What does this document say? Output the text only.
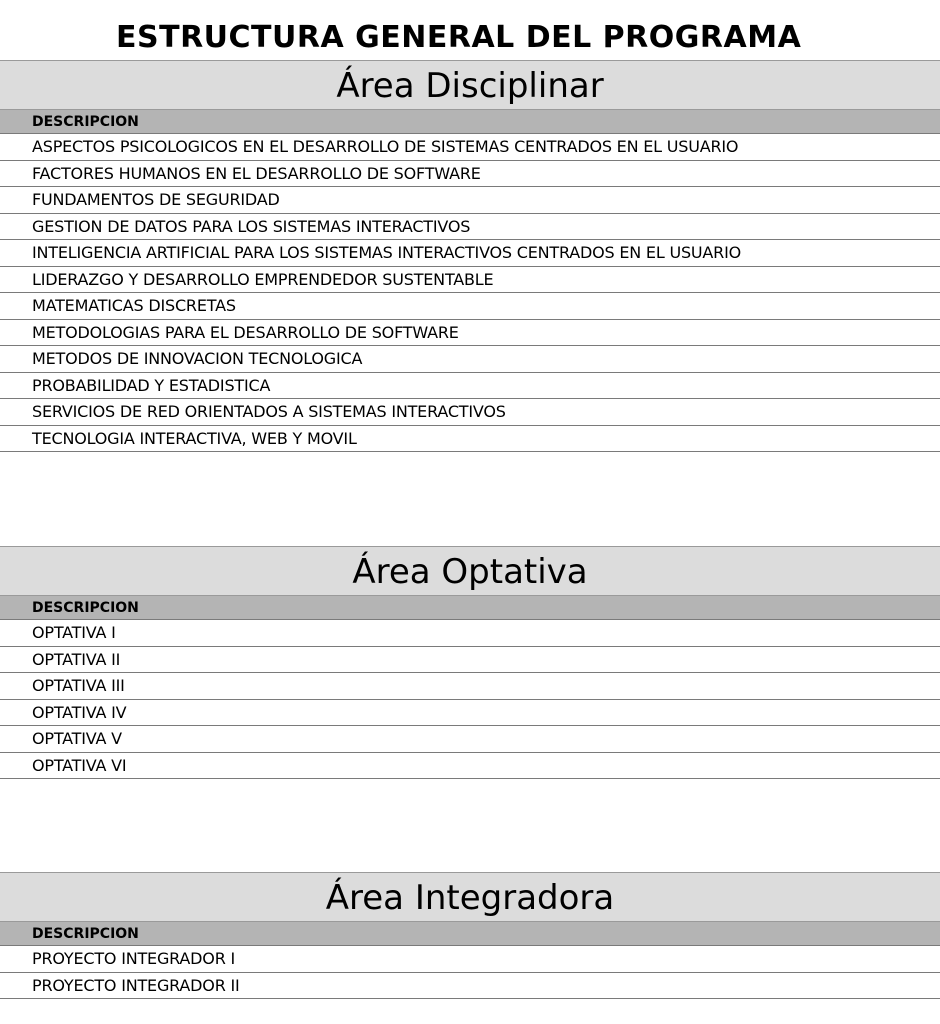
ESTRUCTURA GENERAL DEL PROGRAMA
Área Disciplinar
DESCRIPCION
ASPECTOS PSICOLOGICOS EN EL DESARROLLO DE SISTEMAS CENTRADOS EN EL USUARIO
FACTORES HUMANOS EN EL DESARROLLO DE SOFTWARE
FUNDAMENTOS DE SEGURIDAD
GESTION DE DATOS PARA LOS SISTEMAS INTERACTIVOS
INTELIGENCIA ARTIFICIAL PARA LOS SISTEMAS INTERACTIVOS CENTRADOS EN EL USUARIO
LIDERAZGO Y DESARROLLO EMPRENDEDOR SUSTENTABLE
MATEMATICAS DISCRETAS
METODOLOGIAS PARA EL DESARROLLO DE SOFTWARE
METODOS DE INNOVACION TECNOLOGICA
PROBABILIDAD Y ESTADISTICA
SERVICIOS DE RED ORIENTADOS A SISTEMAS INTERACTIVOS
TECNOLOGIA INTERACTIVA, WEB Y MOVIL
Área Optativa
DESCRIPCION
OPTATIVA I
OPTATIVA II
OPTATIVA III
OPTATIVA IV
OPTATIVA V
OPTATIVA VI
Área Integradora
DESCRIPCION
PROYECTO INTEGRADOR I
PROYECTO INTEGRADOR II
